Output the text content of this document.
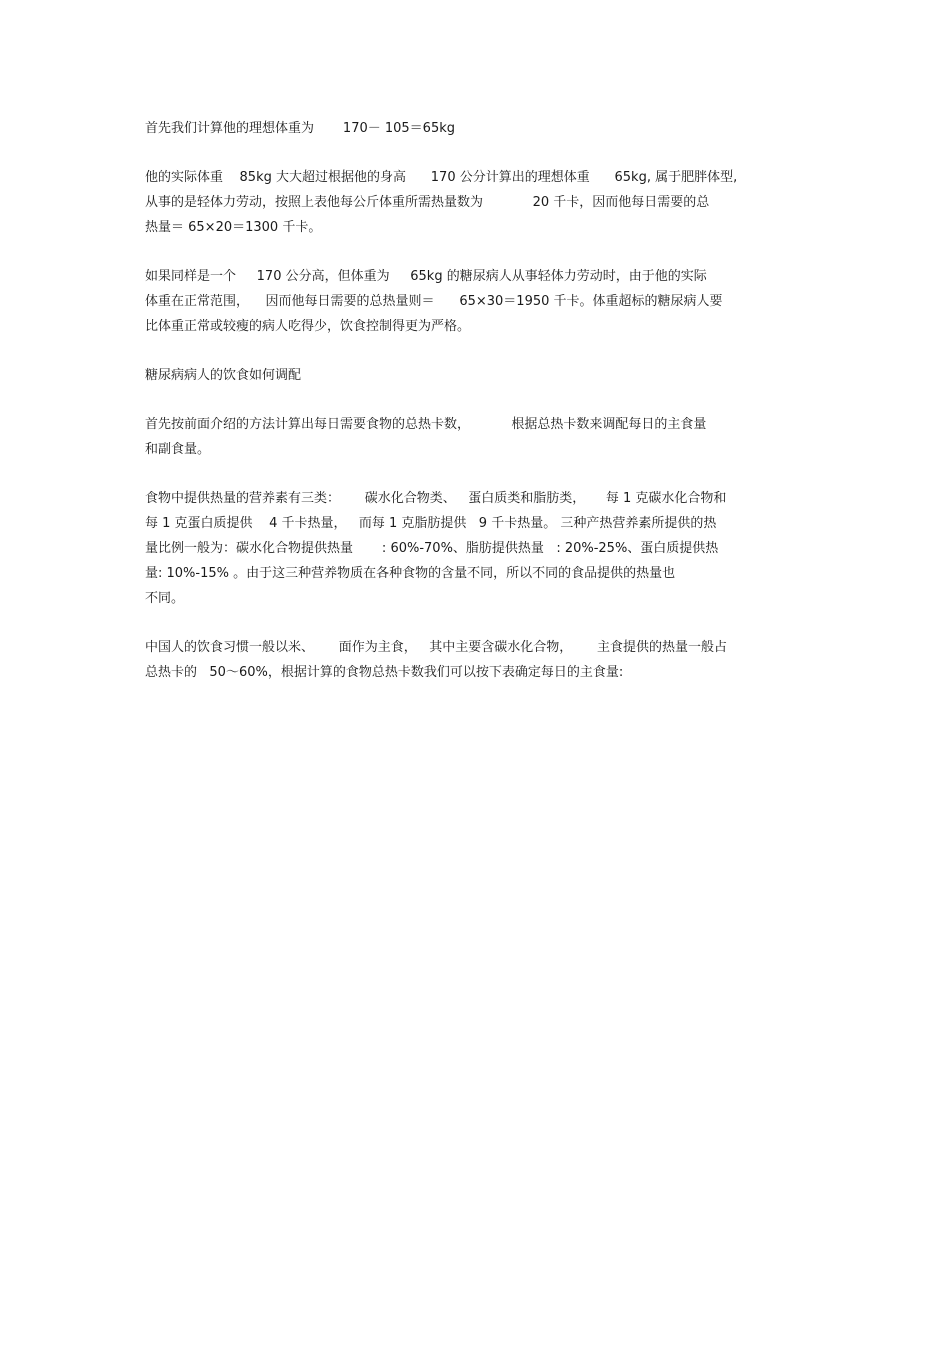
首先我们计算他的理想体重为       170－ 105＝65kg

他的实际体重    85kg 大大超过根据他的身高      170 公分计算出的理想体重      65kg, 属于肥胖体型,
从事的是轻体力劳动，按照上表他每公斤体重所需热量数为            20 千卡，因而他每日需要的总
热量＝ 65×20＝1300 千卡。

如果同样是一个     170 公分高，但体重为     65kg 的糖尿病人从事轻体力劳动时，由于他的实际
体重在正常范围，    因而他每日需要的总热量则＝      65×30＝1950 千卡。体重超标的糖尿病人要
比体重正常或较瘦的病人吃得少，饮食控制得更为严格。

糖尿病病人的饮食如何调配

首先按前面介绍的方法计算出每日需要食物的总热卡数，          根据总热卡数来调配每日的主食量
和副食量。

食物中提供热量的营养素有三类：      碳水化合物类、   蛋白质类和脂肪类，     每 1 克碳水化合物和
每 1 克蛋白质提供    4 千卡热量，   而每 1 克脂肪提供   9 千卡热量。 三种产热营养素所提供的热
量比例一般为：碳水化合物提供热量       : 60%-70%、脂肪提供热量   : 20%-25%、蛋白质提供热
量: 10%-15% 。由于这三种营养物质在各种食物的含量不同，所以不同的食品提供的热量也
不同。

中国人的饮食习惯一般以米、      面作为主食，   其中主要含碳水化合物，      主食提供的热量一般占
总热卡的   50～60%，根据计算的食物总热卡数我们可以按下表确定每日的主食量:
